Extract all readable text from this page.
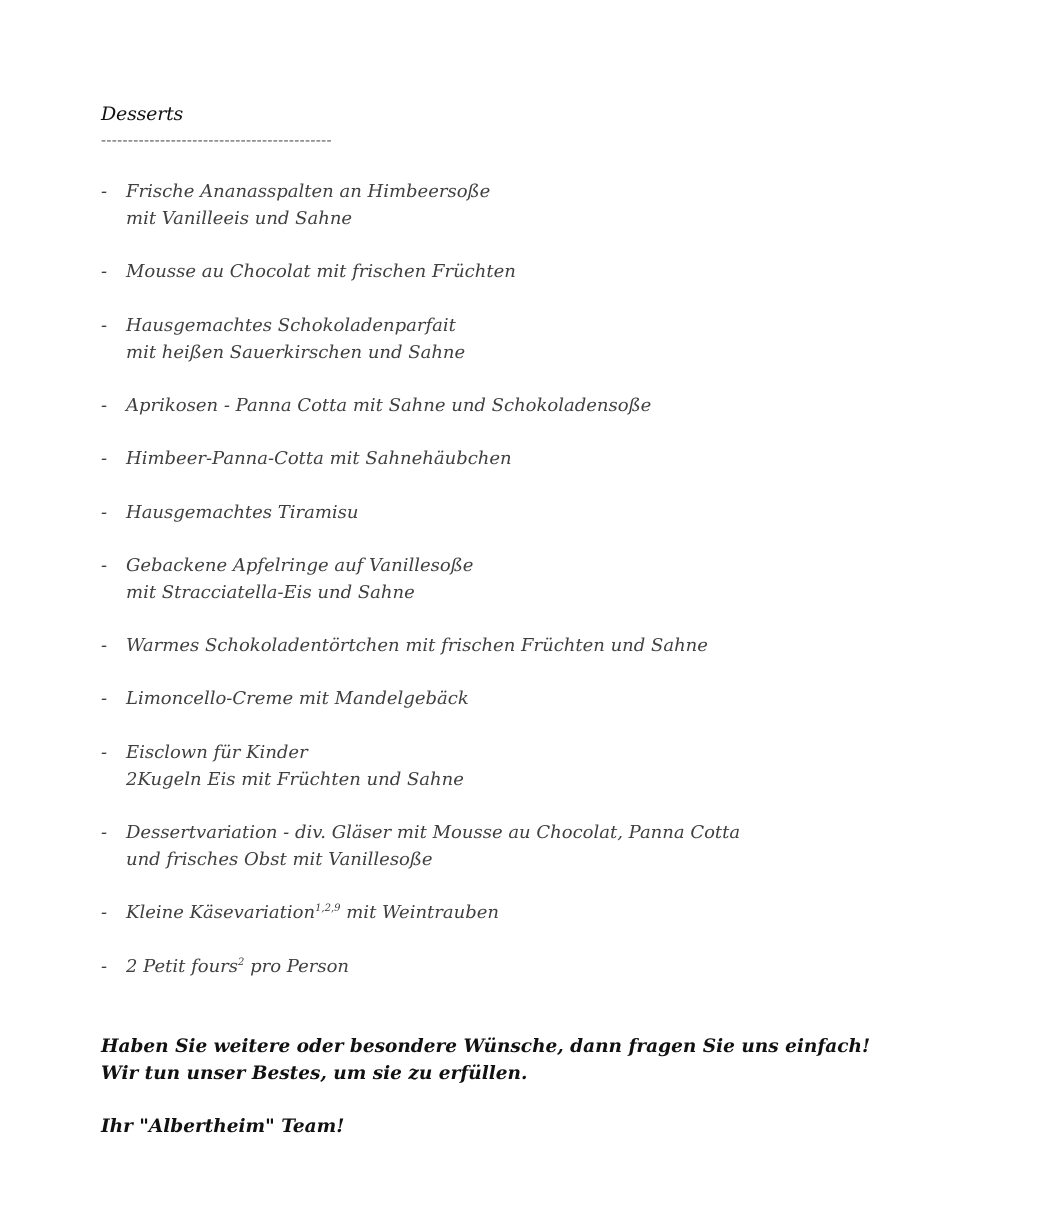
Desserts
-------------------------------------------
- Frische Ananasspalten an Himbeersoße
mit Vanilleeis und Sahne
- Mousse au Chocolat mit frischen Früchten
- Hausgemachtes Schokoladenparfait
mit heißen Sauerkirschen und Sahne
- Aprikosen - Panna Cotta mit Sahne und Schokoladensoße
- Himbeer-Panna-Cotta mit Sahnehäubchen
- Hausgemachtes Tiramisu
- Gebackene Apfelringe auf Vanillesoße
mit Stracciatella-Eis und Sahne
- Warmes Schokoladentörtchen mit frischen Früchten und Sahne
- Limoncello-Creme mit Mandelgebäck
- Eisclown für Kinder
2Kugeln Eis mit Früchten und Sahne
- Dessertvariation - div. Gläser mit Mousse au Chocolat, Panna Cotta
und frisches Obst mit Vanillesoße
- Kleine Käsevariation$^{1,2,9}$ mit Weintrauben
- 2 Petit fours$^2$ pro Person
Haben Sie weitere oder besondere Wünsche, dann fragen Sie uns einfach!
Wir tun unser Bestes, um sie zu erfüllen.
Ihr "Albertheim" Team!
